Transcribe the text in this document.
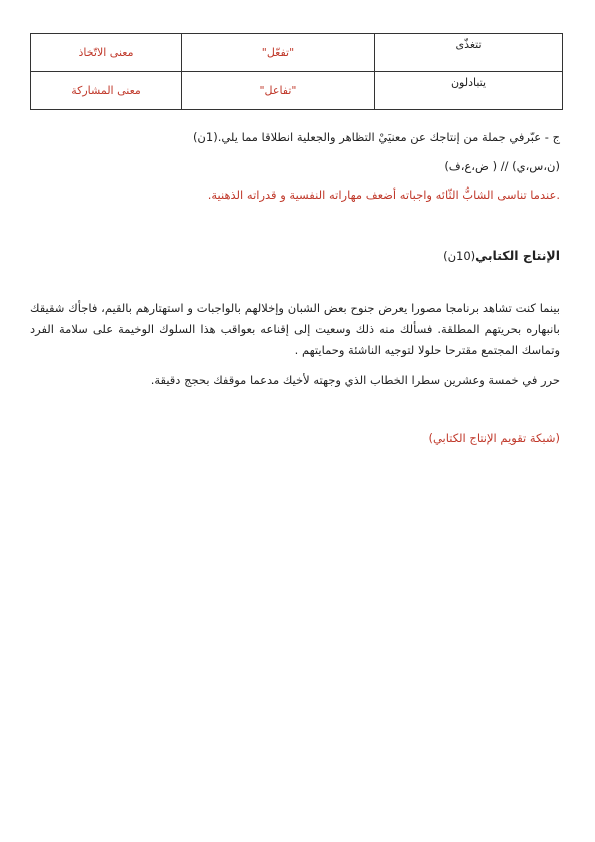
تتغذّى	"تفعّل"	معنى الاتّخاذ
يتبادلون	"تفاعل"	معنى المشاركة
ج - عبّرفي جملة من إنتاجك عن معنيَيْ التظاهر والجعلية انطلاقا مما يلي.(1ن)
(ن،س،ي) // ( ض،ع،ف)
.عندما تناسى الشابُّ الثّائه واجباته أضعف مهاراته النفسية و قدراته الذهنية.
الإنتاج الكتابي(10ن)
بينما كنت تشاهد برنامجا مصورا يعرض جنوح بعض الشبان وإخلالهم بالواجبات و استهتارهم بالقيم، فاجأك شقيقك بانبهاره بحريتهم المطلقة. فسألك منه ذلك وسعيت إلى إقناعه بعواقب هذا السلوك الوخيمة على سلامة الفرد وتماسك المجتمع مقترحا حلولا لتوجيه الناشئة وحمايتهم .
حرر في خمسة وعشرين سطرا الخطاب الذي وجهته لأخيك مدعما موقفك بحجج دقيقة.
(شبكة تقويم الإنتاج الكتابي)
